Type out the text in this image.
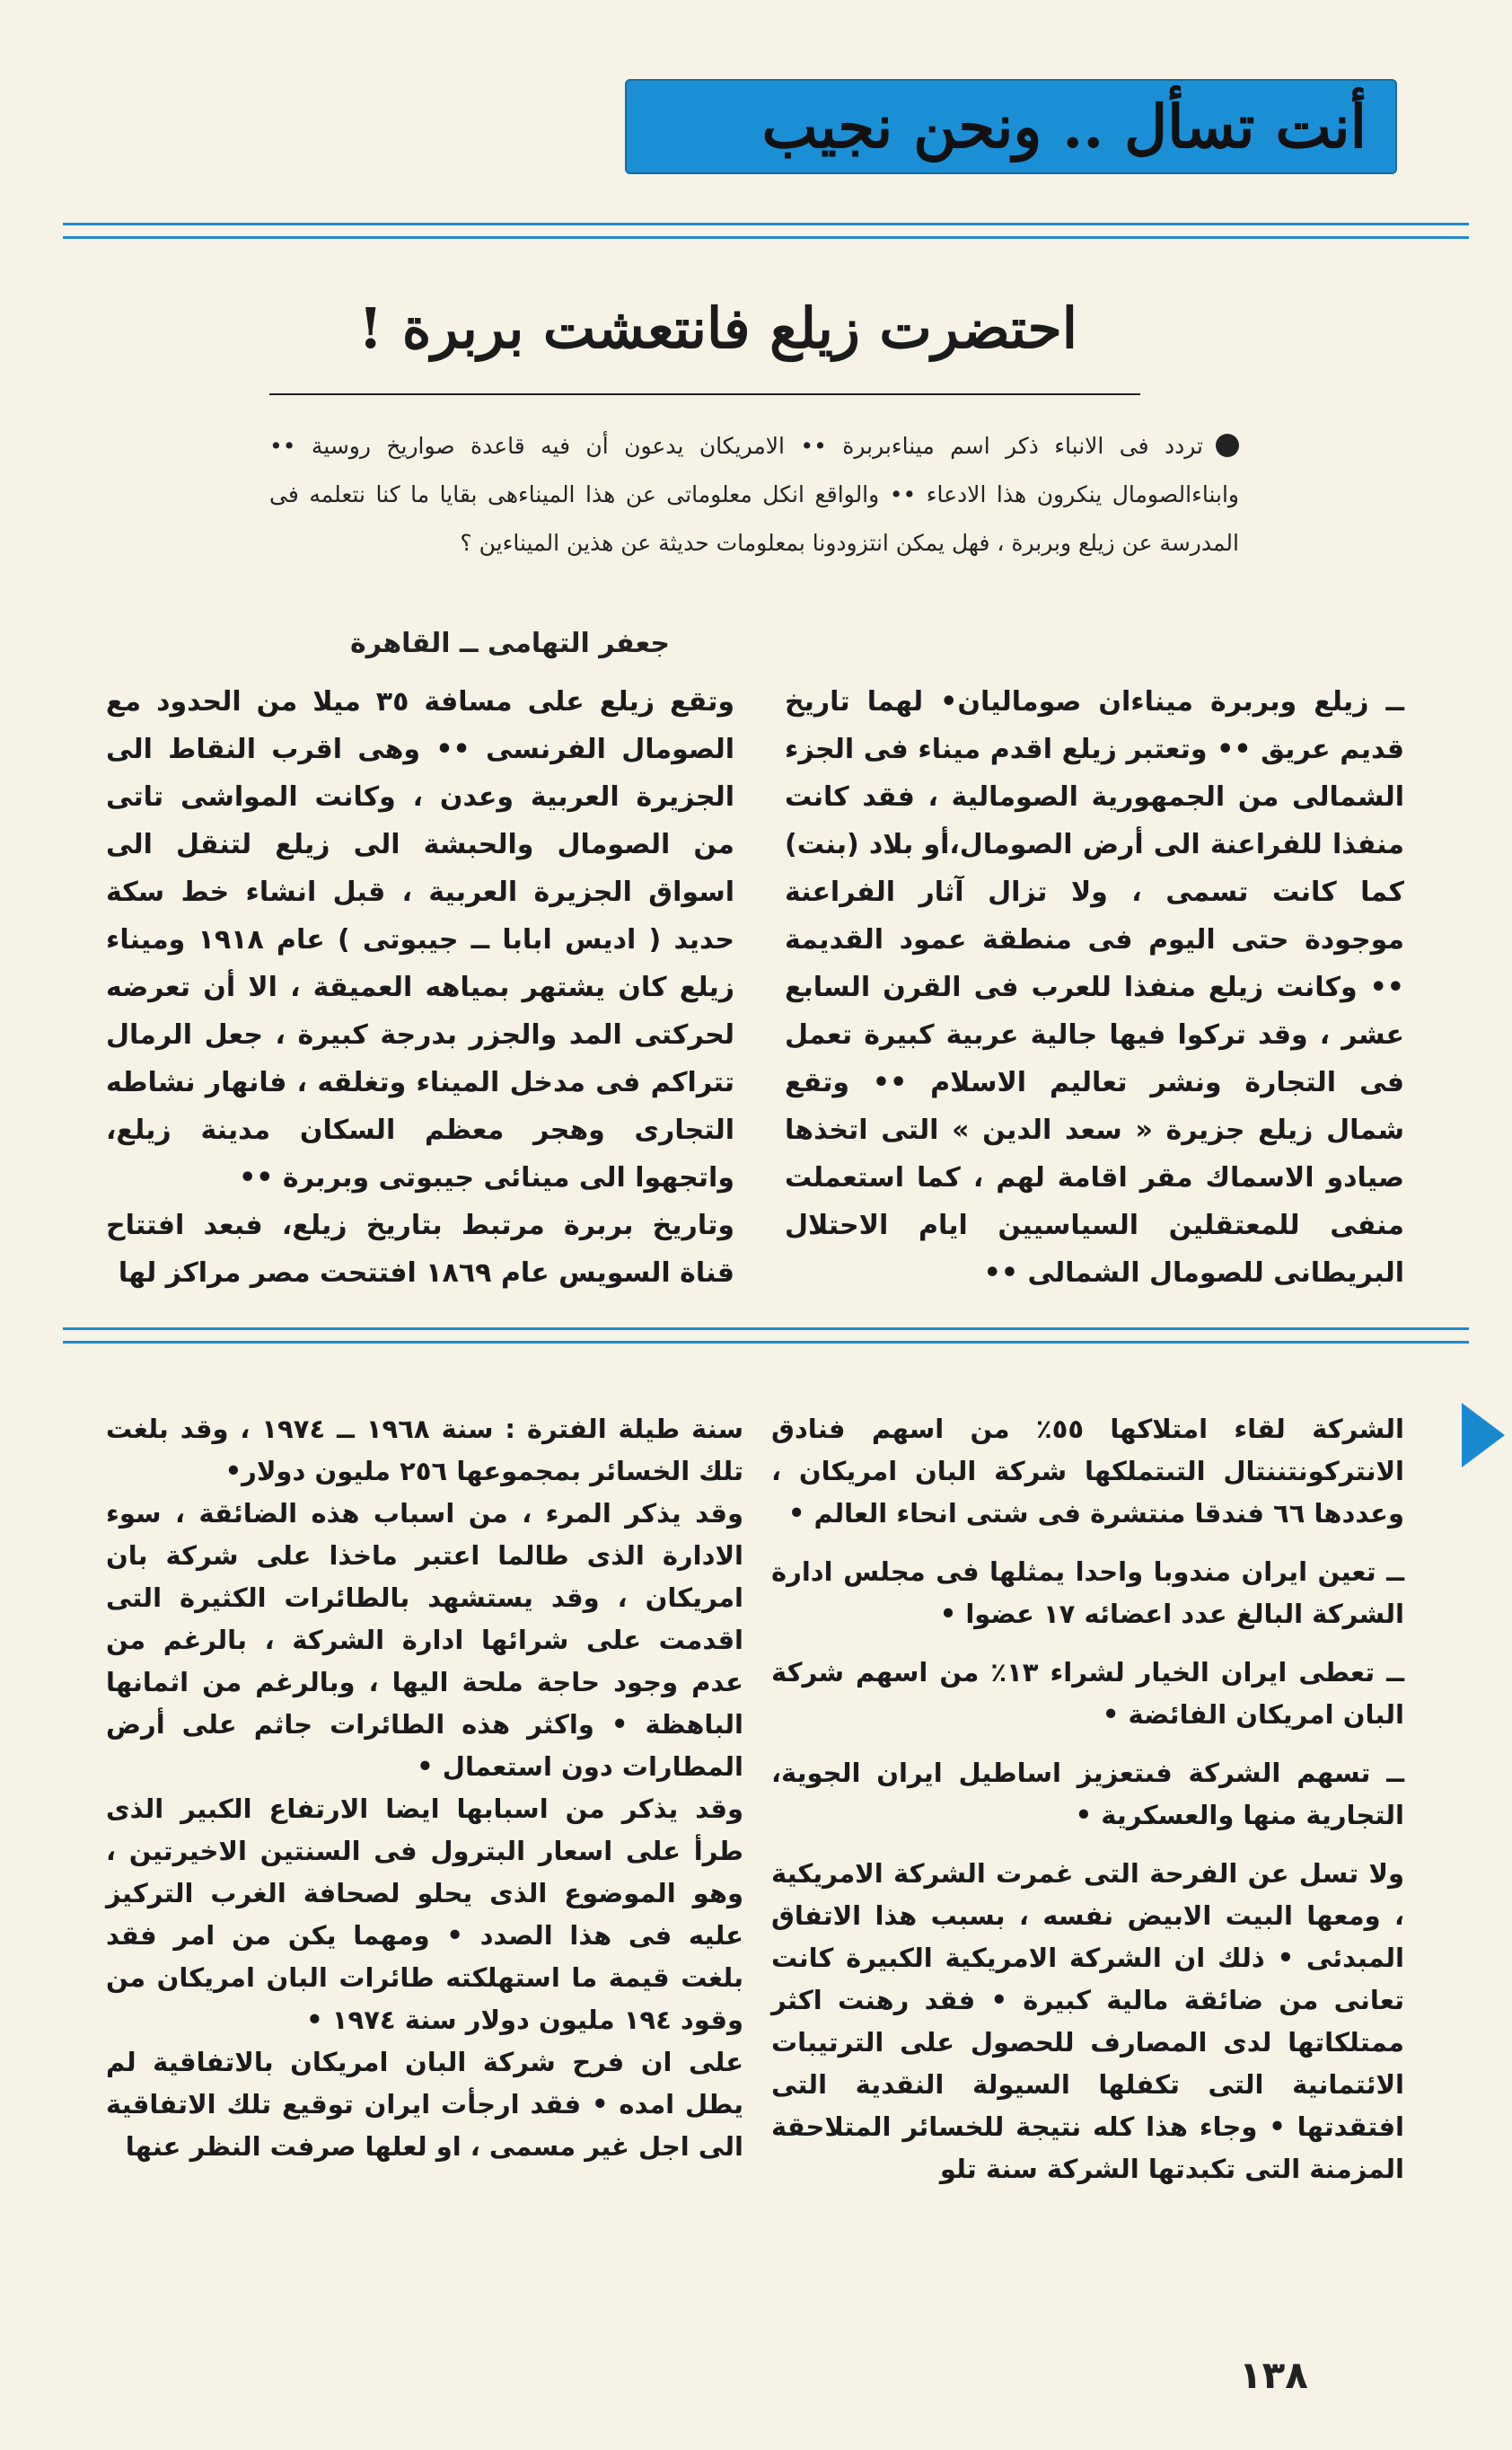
أنت تسأل .. ونحن نجيب
احتضرت زيلع فانتعشت بربرة !
تردد فى الانباء ذكر اسم ميناءبربرة •• الامريكان يدعون أن فيه قاعدة صواريخ روسية •• وابناءالصومال ينكرون هذا الادعاء •• والواقع انكل معلوماتى عن هذا الميناءهى بقايا ما كنا نتعلمه فى المدرسة عن زيلع وبربرة ، فهل يمكن انتزودونا بمعلومات حديثة عن هذين الميناءين ؟
جعفر التهامى ــ القاهرة

ــ زيلع وبربرة ميناءان صوماليان• لهما تاريخ قديم عريق •• وتعتبر زيلع اقدم ميناء فى الجزء الشمالى من الجمهورية الصومالية ، فقد كانت منفذا للفراعنة الى أرض الصومال،أو بلاد (بنت) كما كانت تسمى ، ولا تزال آثار الفراعنة موجودة حتى اليوم فى منطقة عمود القديمة •• وكانت زيلع منفذا للعرب فى القرن السابع عشر ، وقد تركوا فيها جالية عربية كبيرة تعمل فى التجارة ونشر تعاليم الاسلام •• وتقع شمال زيلع جزيرة « سعد الدين » التى اتخذها صيادو الاسماك مقر اقامة لهم ، كما استعملت منفى للمعتقلين السياسيين ايام الاحتلال البريطانى للصومال الشمالى ••

وتقع زيلع على مسافة ٣٥ ميلا من الحدود مع الصومال الفرنسى •• وهى اقرب النقاط الى الجزيرة العربية وعدن ، وكانت المواشى تاتى من الصومال والحبشة الى زيلع لتنقل الى اسواق الجزيرة العربية ، قبل انشاء خط سكة حديد ( اديس ابابا ــ جيبوتى ) عام ١٩١٨ وميناء زيلع كان يشتهر بمياهه العميقة ، الا أن تعرضه لحركتى المد والجزر بدرجة كبيرة ، جعل الرمال تتراكم فى مدخل الميناء وتغلقه ، فانهار نشاطه التجارى وهجر معظم السكان مدينة زيلع، واتجهوا الى مينائى جيبوتى وبربرة ••

وتاريخ بربرة مرتبط بتاريخ زيلع، فبعد افتتاح قناة السويس عام ١٨٦٩ افتتحت مصر مراكز لها

الشركة لقاء امتلاكها ٥٥٪ من اسهم فنادق الانتركونتننتال التىتملكها شركة البان امريكان ، وعددها ٦٦ فندقا منتشرة فى شتى انحاء العالم •

ــ تعين ايران مندوبا واحدا يمثلها فى مجلس ادارة الشركة البالغ عدد اعضائه ١٧ عضوا •

ــ تعطى ايران الخيار لشراء ١٣٪ من اسهم شركة البان امريكان الفائضة •

ــ تسهم الشركة فىتعزيز اساطيل ايران الجوية، التجارية منها والعسكرية •

ولا تسل عن الفرحة التى غمرت الشركة الامريكية ، ومعها البيت الابيض نفسه ، بسبب هذا الاتفاق المبدئى • ذلك ان الشركة الامريكية الكبيرة كانت تعانى من ضائقة مالية كبيرة • فقد رهنت اكثر ممتلكاتها لدى المصارف للحصول على الترتيبات الائتمانية التى تكفلها السيولة النقدية التى افتقدتها • وجاء هذا كله نتيجة للخسائر المتلاحقة المزمنة التى تكبدتها الشركة سنة تلو

سنة طيلة الفترة : سنة ١٩٦٨ ــ ١٩٧٤ ، وقد بلغت تلك الخسائر بمجموعها ٢٥٦ مليون دولار•

وقد يذكر المرء ، من اسباب هذه الضائقة ، سوء الادارة الذى طالما اعتبر ماخذا على شركة بان امريكان ، وقد يستشهد بالطائرات الكثيرة التى اقدمت على شرائها ادارة الشركة ، بالرغم من عدم وجود حاجة ملحة اليها ، وبالرغم من اثمانها الباهظة • واكثر هذه الطائرات جاثم على أرض المطارات دون استعمال •

وقد يذكر من اسبابها ايضا الارتفاع الكبير الذى طرأ على اسعار البترول فى السنتين الاخيرتين ، وهو الموضوع الذى يحلو لصحافة الغرب التركيز عليه فى هذا الصدد • ومهما يكن من امر فقد بلغت قيمة ما استهلكته طائرات البان امريكان من وقود ١٩٤ مليون دولار سنة ١٩٧٤ •

على ان فرح شركة البان امريكان بالاتفاقية لم يطل امده • فقد ارجأت ايران توقيع تلك الاتفاقية الى اجل غير مسمى ، او لعلها صرفت النظر عنها

١٣٨
